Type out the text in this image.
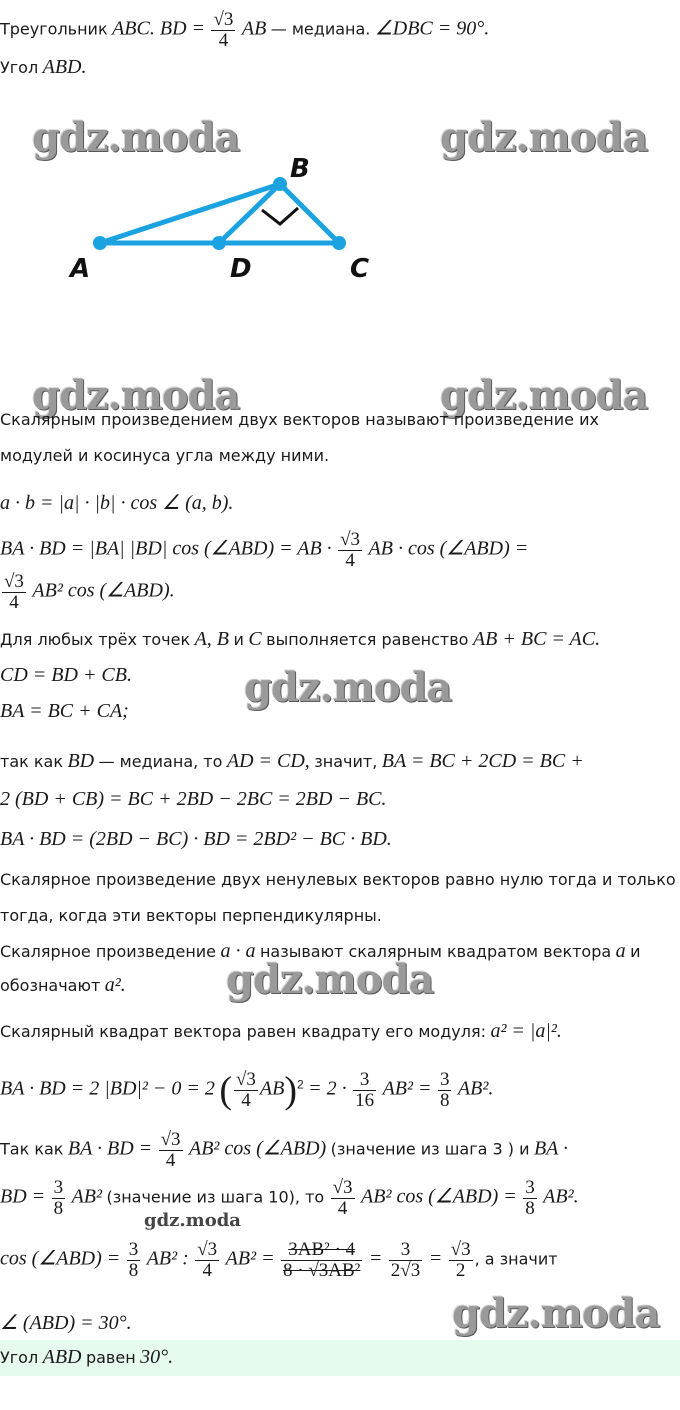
Треугольник ABC. BD = $\frac{√3}{4}$ AB — медиана. ∠DBC = 90°.
Угол ABD.
A
B
D	C
gdz.moda	gdz.moda
gdz.moda	gdz.moda
gdz.moda
gdz.moda
gdz.moda
gdz.moda
Скалярным произведением двух векторов называют произведение их
модулей и косинуса угла между ними.
a · b = |a| · |b| · cos ∠ (a, b).
BA · BD = |BA| |BD| cos (∠ABD) = AB · $\frac{√3}{4}$ AB · cos (∠ABD) =
$\frac{√3}{4} AB^2$ cos (∠ABD).
Для любых трёх точек A, B и C выполняется равенство AB + BC = AC.
CD = BD + CB.
BA = BC + CA;
так как BD — медиана, то AD = CD, значит, BA = BC + 2CD = BC +
2 (BD + CB) = BC + 2BD − 2BC = 2BD − BC.
BA · BD = (2BD − BC) · BD = 2BD² − BC · BD.
Скалярное произведение двух ненулевых векторов равно нулю тогда и только
тогда, когда эти векторы перпендикулярны.
Скалярное произведение a · a называют скалярным квадратом вектора a и
обозначают a².
Скалярный квадрат вектора равен квадрату его модуля: a² = |a|².
BA · BD = 2 |BD|² − 0 = 2 ( $\frac{√3}{4} AB)^2 = 2 \cdot \frac{3}{16} AB^2 = \frac{3}{8} AB^2$.
Так как BA · BD = $\frac{√3}{4} AB^2$ cos (∠ABD) (значение из шага 3 ) и BA ·
BD = $\frac{3}{8} AB^2$ (значение из шага 10), то $\frac{√3}{4} AB^2$ cos (∠ABD) = $\frac{3}{8} AB^2$.
cos (∠ABD) = $\frac{3}{8} AB^2$ : $\frac{√3}{4} AB^2 = \frac{\text{3AB² · 4}}{\text{8 · √3AB²}} = \frac{3}{2√3} = \frac{√3}{2}$ , а значит
∠ (ABD) = 30°.
Угол ABD равен 30°.
